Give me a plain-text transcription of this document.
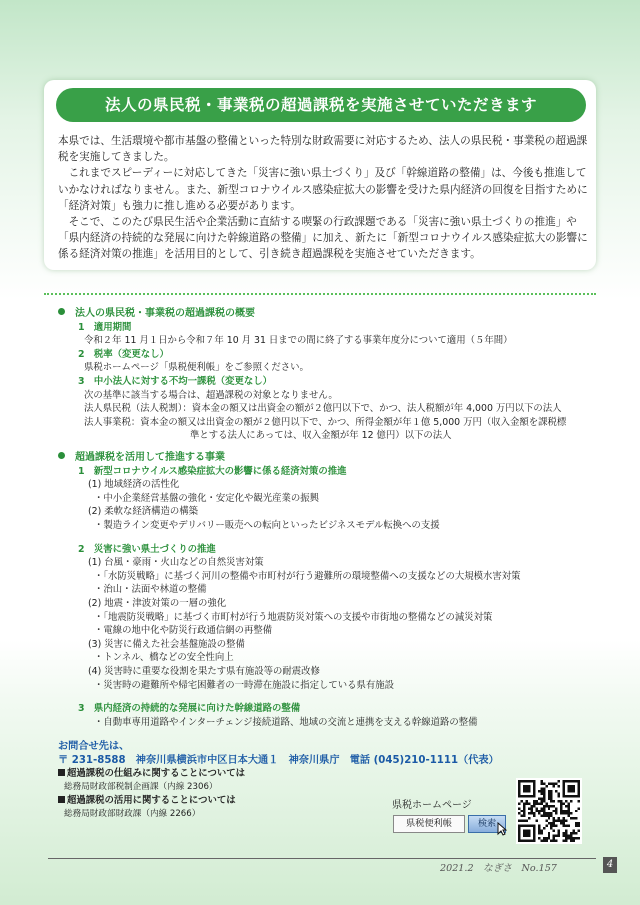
法人の県民税・事業税の超過課税を実施させていただきます

本県では、生活環境や都市基盤の整備といった特別な財政需要に対応するため、法人の県民税・事業税の超過課税を実施してきました。

これまでスピーディーに対応してきた「災害に強い県土づくり」及び「幹線道路の整備」は、今後も推進していかなければなりません。また、新型コロナウイルス感染症拡大の影響を受けた県内経済の回復を目指すために「経済対策」も強力に推し進める必要があります。

そこで、このたび県民生活や企業活動に直結する喫緊の行政課題である「災害に強い県土づくりの推進」や「県内経済の持続的な発展に向けた幹線道路の整備」に加え、新たに「新型コロナウイルス感染症拡大の影響に係る経済対策の推進」を活用目的として、引き続き超過課税を実施させていただきます。

法人の県民税・事業税の超過課税の概要
1　適用期間
令和２年 11 月１日から令和７年 10 月 31 日までの間に終了する事業年度分について適用（５年間）
2　税率（変更なし）
県税ホームページ「県税便利帳」をご参照ください。
3　中小法人に対する不均一課税（変更なし）
次の基準に該当する場合は、超過課税の対象となりません。
法人県民税（法人税割）：資本金の額又は出資金の額が２億円以下で、かつ、法人税額が年 4,000 万円以下の法人
法人事業税：資本金の額又は出資金の額が２億円以下で、かつ、所得金額が年１億 5,000 万円（収入金額を課税標
準とする法人にあっては、収入金額が年 12 億円）以下の法人
超過課税を活用して推進する事業
1　新型コロナウイルス感染症拡大の影響に係る経済対策の推進
(1) 地域経済の活性化
・中小企業経営基盤の強化・安定化や観光産業の振興
(2) 柔軟な経済構造の構築
・製造ライン変更やデリバリー販売への転向といったビジネスモデル転換への支援
2　災害に強い県土づくりの推進
(1) 台風・豪雨・火山などの自然災害対策
・「水防災戦略」に基づく河川の整備や市町村が行う避難所の環境整備への支援などの大規模水害対策
・治山・法面や林道の整備
(2) 地震・津波対策の一層の強化
・「地震防災戦略」に基づく市町村が行う地震防災対策への支援や市街地の整備などの減災対策
・電線の地中化や防災行政通信網の再整備
(3) 災害に備えた社会基盤施設の整備
・トンネル、橋などの安全性向上
(4) 災害時に重要な役割を果たす県有施設等の耐震改修
・災害時の避難所や帰宅困難者の一時滞在施設に指定している県有施設
3　県内経済の持続的な発展に向けた幹線道路の整備
・自動車専用道路やインターチェンジ接続道路、地域の交流と連携を支える幹線道路の整備
お問合せ先は、
〒 231-8588　神奈川県横浜市中区日本大通１　神奈川県庁　電話 (045)210-1111（代表）
超過課税の仕組みに関することについては
総務局財政部税制企画課（内線 2306）
超過課税の活用に関することについては
総務局財政部財政課（内線 2266）
県税ホームページ
県税便利帳	検索
2021.2　なぎさ　No.157	4
